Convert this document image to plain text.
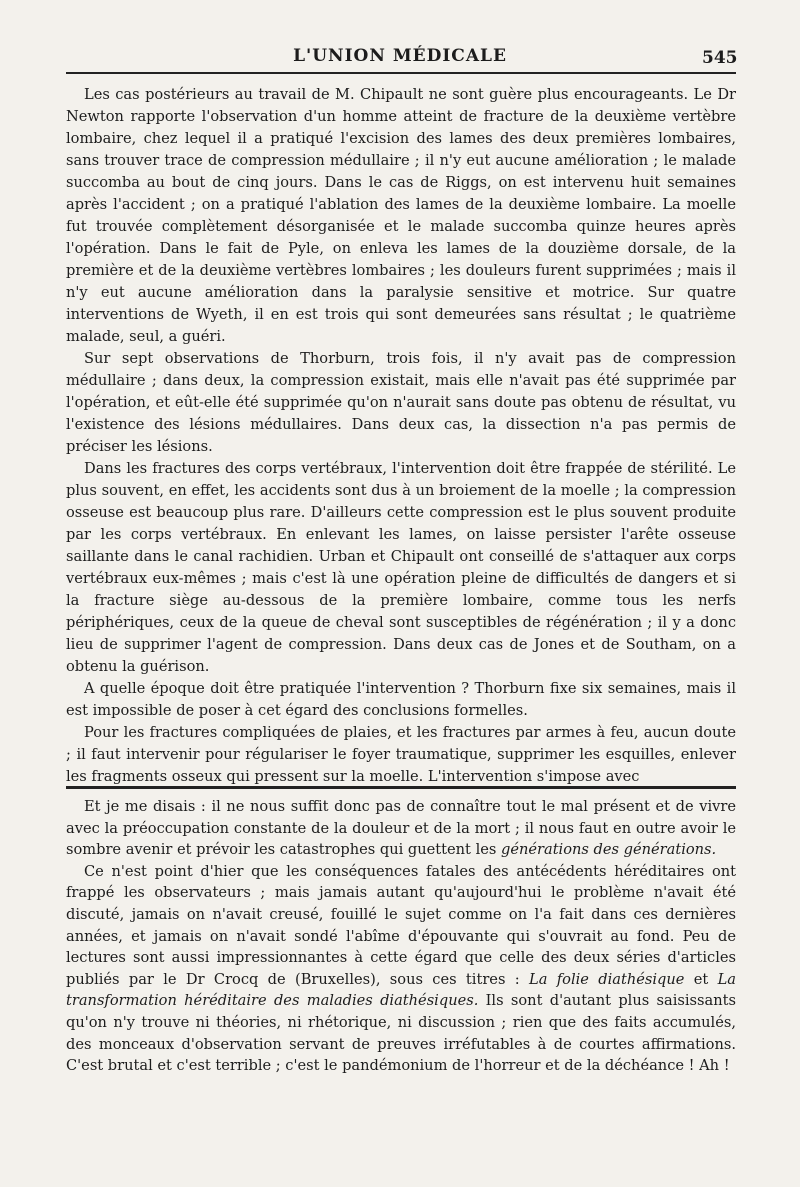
L'UNION MÉDICALE	545

Les cas postérieurs au travail de M. Chipault ne sont guère plus encourageants. Le Dr Newton rapporte l'observation d'un homme atteint de fracture de la deuxième vertèbre lombaire, chez lequel il a pratiqué l'excision des lames des deux premières lombaires, sans trouver trace de compression médullaire ; il n'y eut aucune amélioration ; le malade succomba au bout de cinq jours. Dans le cas de Riggs, on est intervenu huit semaines après l'accident ; on a pratiqué l'ablation des lames de la deuxième lombaire. La moelle fut trouvée complètement désorganisée et le malade succomba quinze heures après l'opération. Dans le fait de Pyle, on enleva les lames de la douzième dorsale, de la première et de la deuxième vertèbres lombaires ; les douleurs furent supprimées ; mais il n'y eut aucune amélioration dans la paralysie sensitive et motrice. Sur quatre interventions de Wyeth, il en est trois qui sont demeurées sans résultat ; le quatrième malade, seul, a guéri.

Sur sept observations de Thorburn, trois fois, il n'y avait pas de compression médullaire ; dans deux, la compression existait, mais elle n'avait pas été supprimée par l'opération, et eût-elle été supprimée qu'on n'aurait sans doute pas obtenu de résultat, vu l'existence des lésions médullaires. Dans deux cas, la dissection n'a pas permis de préciser les lésions.

Dans les fractures des corps vertébraux, l'intervention doit être frappée de stérilité. Le plus souvent, en effet, les accidents sont dus à un broiement de la moelle ; la compression osseuse est beaucoup plus rare. D'ailleurs cette compression est le plus souvent produite par les corps vertébraux. En enlevant les lames, on laisse persister l'arête osseuse saillante dans le canal rachidien. Urban et Chipault ont conseillé de s'attaquer aux corps vertébraux eux-mêmes ; mais c'est là une opération pleine de difficultés de dangers et si la fracture siège au-dessous de la première lombaire, comme tous les nerfs périphériques, ceux de la queue de cheval sont susceptibles de régénération ; il y a donc lieu de supprimer l'agent de compression. Dans deux cas de Jones et de Southam, on a obtenu la guérison.

A quelle époque doit être pratiquée l'intervention ? Thorburn fixe six semaines, mais il est impossible de poser à cet égard des conclusions formelles.

Pour les fractures compliquées de plaies, et les fractures par armes à feu, aucun doute ; il faut intervenir pour régulariser le foyer traumatique, supprimer les esquilles, enlever les fragments osseux qui pressent sur la moelle. L'intervention s'impose avec

Et je me disais : il ne nous suffit donc pas de connaître tout le mal présent et de vivre avec la préoccupation constante de la douleur et de la mort ; il nous faut en outre avoir le sombre avenir et prévoir les catastrophes qui guettent les générations des générations.

Ce n'est point d'hier que les conséquences fatales des antécédents héréditaires ont frappé les observateurs ; mais jamais autant qu'aujourd'hui le problème n'avait été discuté, jamais on n'avait creusé, fouillé le sujet comme on l'a fait dans ces dernières années, et jamais on n'avait sondé l'abîme d'épouvante qui s'ouvrait au fond. Peu de lectures sont aussi impressionnantes à cette égard que celle des deux séries d'articles publiés par le Dr Crocq de (Bruxelles), sous ces titres : La folie diathésique et La transformation héréditaire des maladies diathésiques. Ils sont d'autant plus saisissants qu'on n'y trouve ni théories, ni rhétorique, ni discussion ; rien que des faits accumulés, des monceaux d'observation servant de preuves irréfutables à de courtes affirmations. C'est brutal et c'est terrible ; c'est le pandémonium de l'horreur et de la déchéance ! Ah !
